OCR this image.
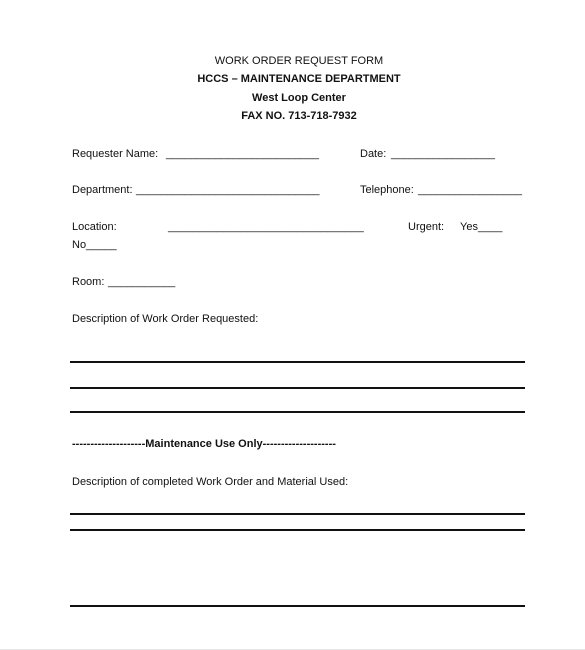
WORK ORDER REQUEST FORM
HCCS – MAINTENANCE DEPARTMENT
West Loop Center
FAX NO. 713-718-7932
Requester Name: _________________________	Date: _________________
Department: ______________________________	Telephone: _________________
Location:	________________________________	Urgent: Yes____
No_____
Room: ___________
Description of Work Order Requested:
--------------------Maintenance Use Only--------------------
Description of completed Work Order and Material Used:
